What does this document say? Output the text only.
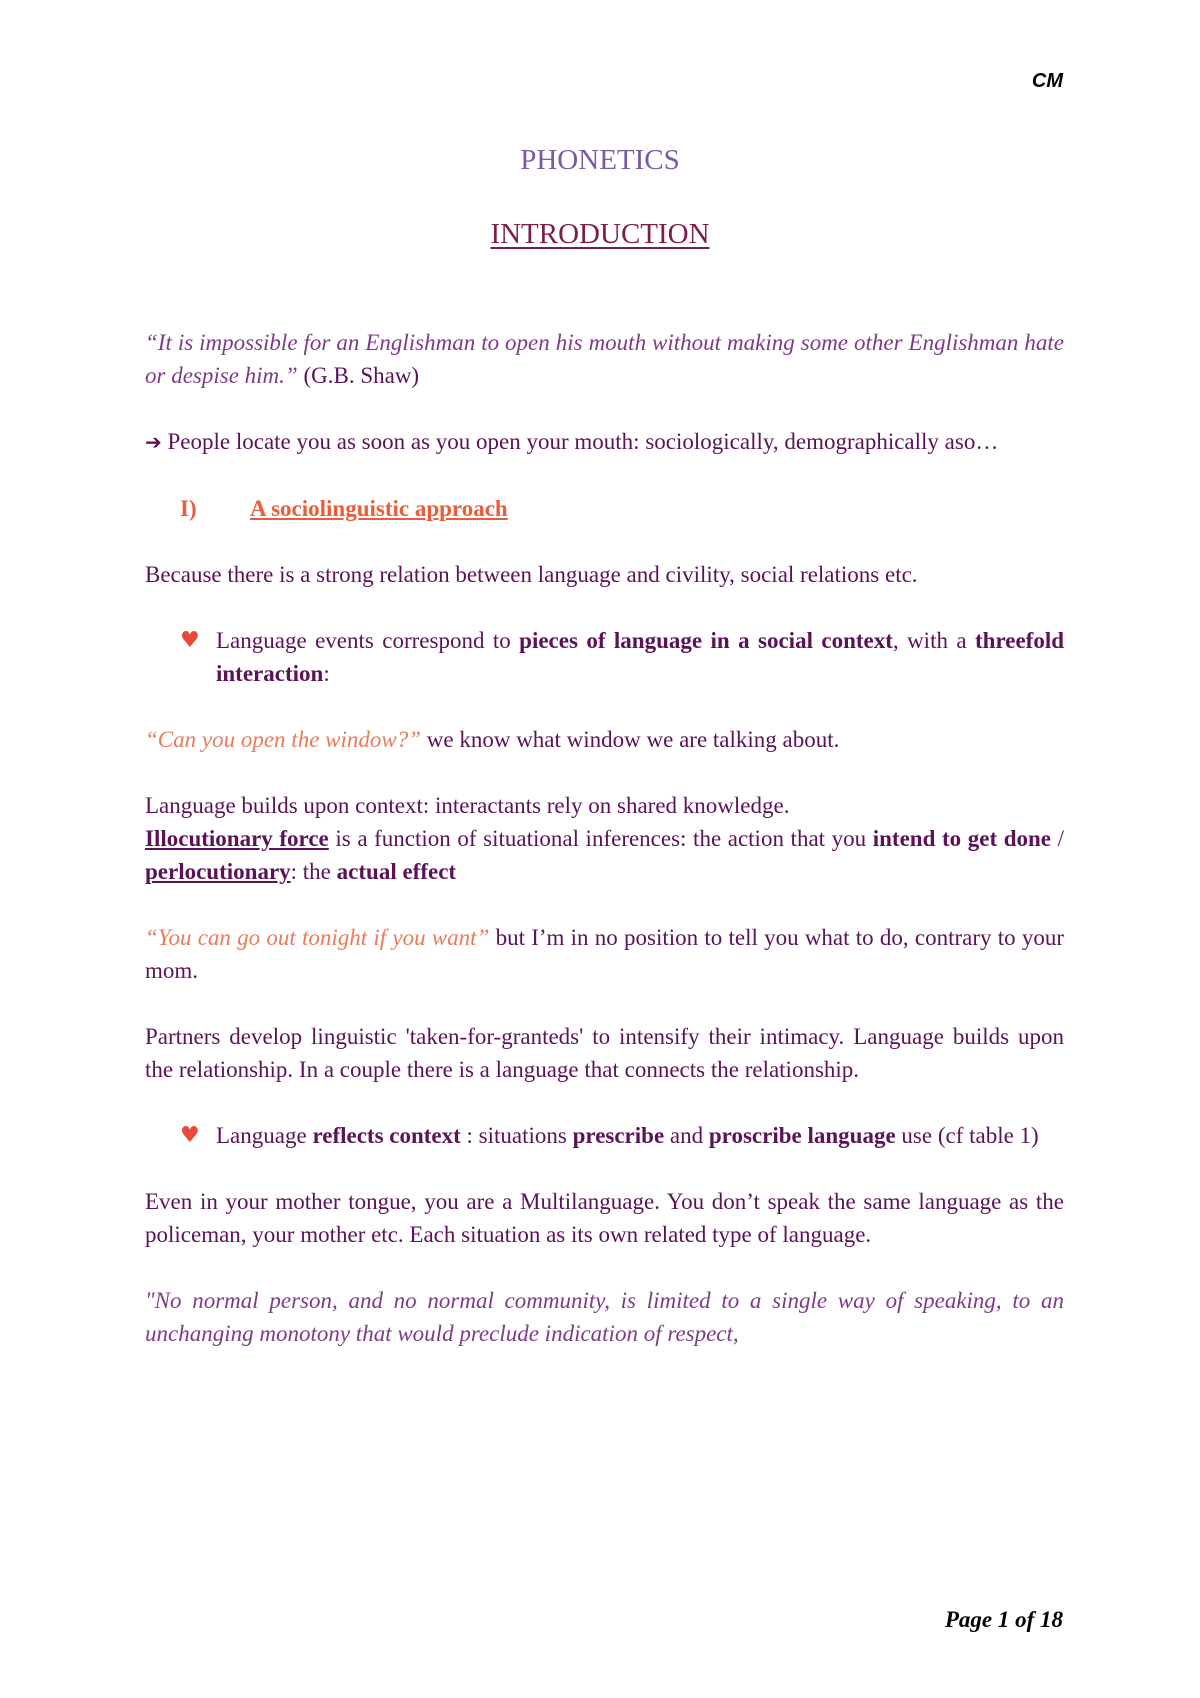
CM
PHONETICS
INTRODUCTION

“It is impossible for an Englishman to open his mouth without making some other Englishman hate or despise him.” (G.B. Shaw)

➔ People locate you as soon as you open your mouth: sociologically, demographically aso…

I)	A sociolinguistic approach

Because there is a strong relation between language and civility, social relations etc.

♥ Language events correspond to pieces of language in a social context, with a threefold interaction:

“Can you open the window?” we know what window we are talking about.

Language builds upon context: interactants rely on shared knowledge.

Illocutionary force is a function of situational inferences: the action that you intend to get done / perlocutionary: the actual effect

“You can go out tonight if you want” but I’m in no position to tell you what to do, contrary to your mom.

Partners develop linguistic 'taken-for-granteds' to intensify their intimacy. Language builds upon the relationship. In a couple there is a language that connects the relationship.

♥ Language reflects context : situations prescribe and proscribe language use (cf table 1)

Even in your mother tongue, you are a Multilanguage. You don’t speak the same language as the policeman, your mother etc. Each situation as its own related type of language.

"No normal person, and no normal community, is limited to a single way of speaking, to an unchanging monotony that would preclude indication of respect,

Page 1 of 18
